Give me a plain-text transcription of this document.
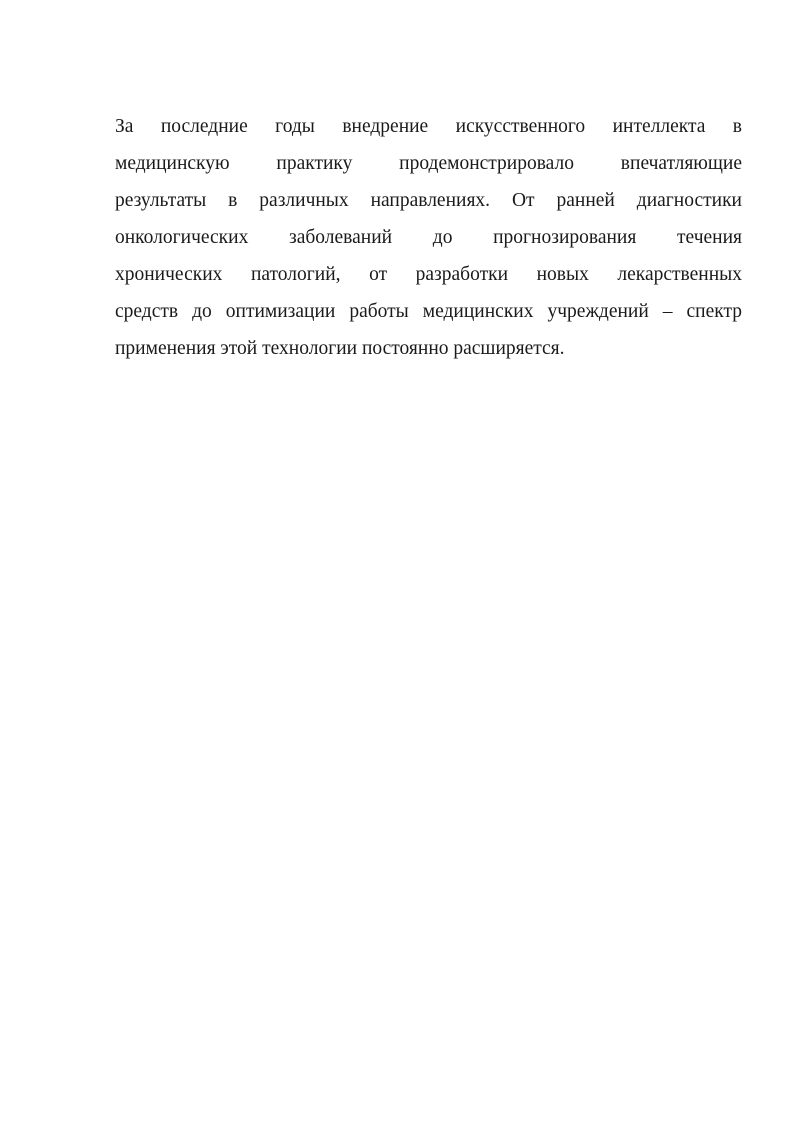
За последние годы внедрение искусственного интеллекта в
медицинскую практику продемонстрировало впечатляющие
результаты в различных направлениях. От ранней диагностики
онкологических заболеваний до прогнозирования течения
хронических патологий, от разработки новых лекарственных
средств до оптимизации работы медицинских учреждений – спектр
применения этой технологии постоянно расширяется.
